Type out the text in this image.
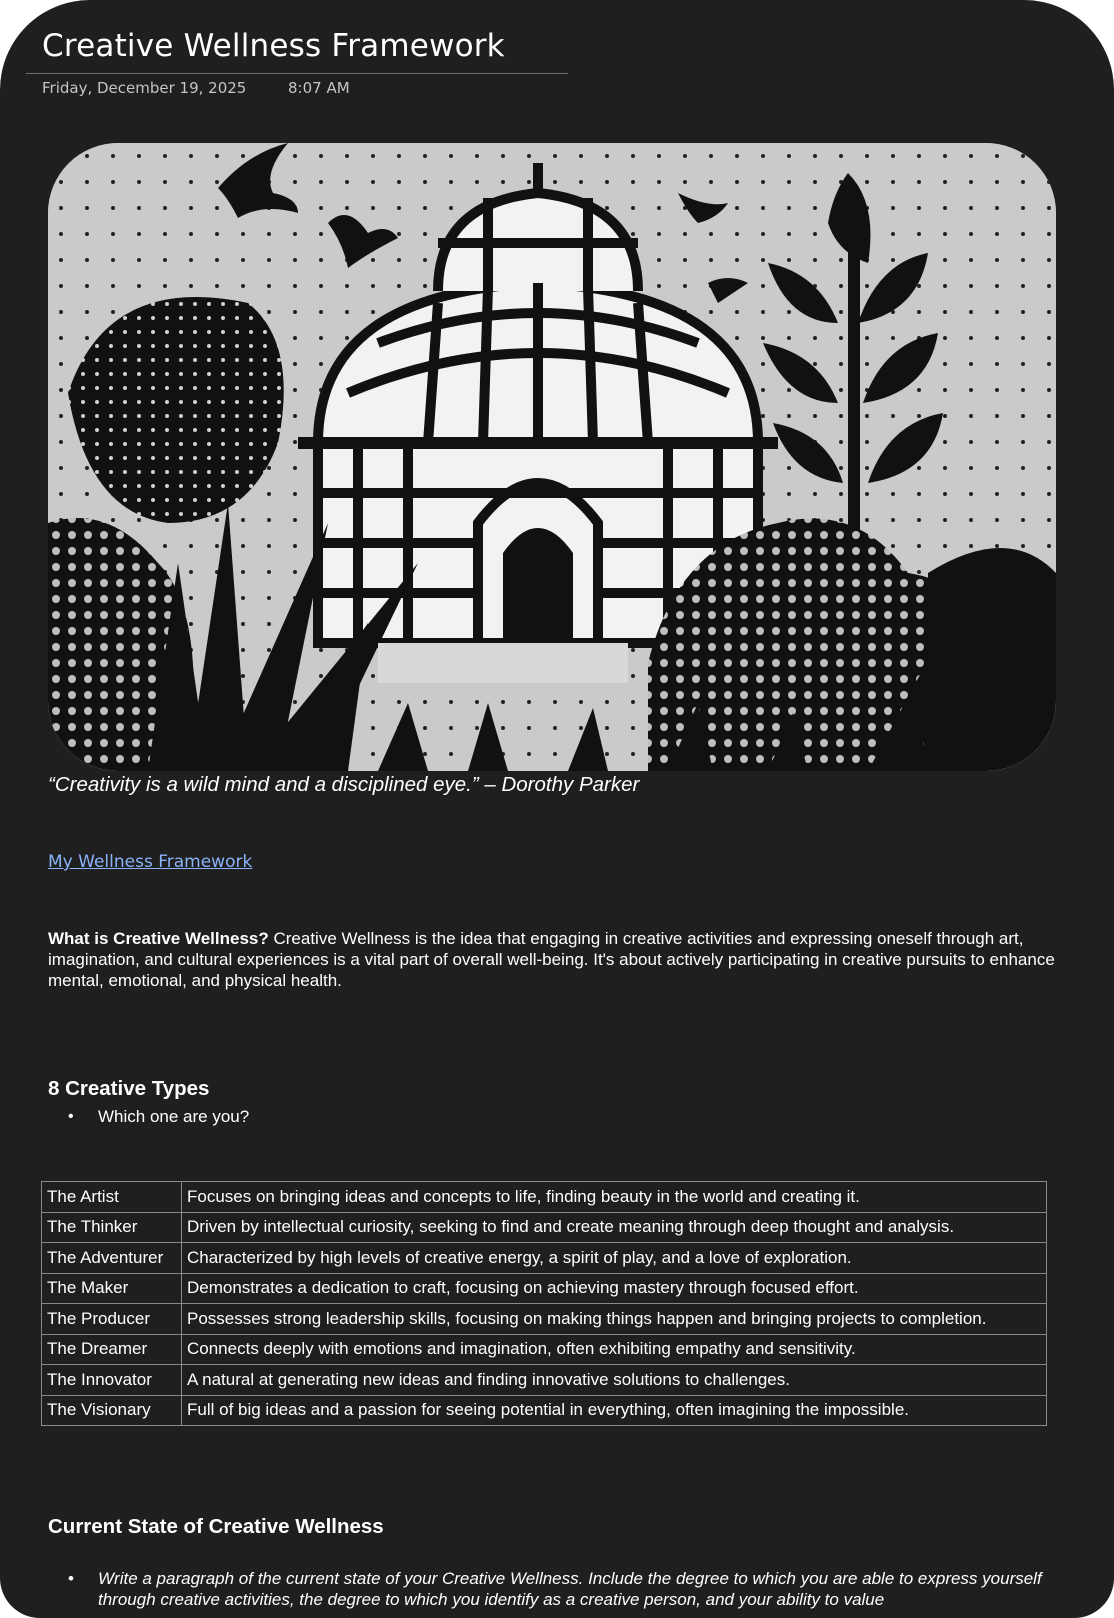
Creative Wellness Framework
Friday, December 19, 2025	8:07 AM
“Creativity is a wild mind and a disciplined eye.” – Dorothy Parker
My Wellness Framework
What is Creative Wellness? Creative Wellness is the idea that engaging in creative activities and expressing oneself through art, imagination, and cultural experiences is a vital part of overall well-being. It's about actively participating in creative pursuits to enhance mental, emotional, and physical health.
8 Creative Types
• Which one are you?
The Artist	Focuses on bringing ideas and concepts to life, finding beauty in the world and creating it.
The Thinker	Driven by intellectual curiosity, seeking to find and create meaning through deep thought and analysis.
The Adventurer	Characterized by high levels of creative energy, a spirit of play, and a love of exploration.
The Maker	Demonstrates a dedication to craft, focusing on achieving mastery through focused effort.
The Producer	Possesses strong leadership skills, focusing on making things happen and bringing projects to completion.
The Dreamer	Connects deeply with emotions and imagination, often exhibiting empathy and sensitivity.
The Innovator	A natural at generating new ideas and finding innovative solutions to challenges.
The Visionary	Full of big ideas and a passion for seeing potential in everything, often imagining the impossible.
Current State of Creative Wellness
• Write a paragraph of the current state of your Creative Wellness. Include the degree to which you are able to express yourself through creative activities, the degree to which you identify as a creative person, and your ability to value
